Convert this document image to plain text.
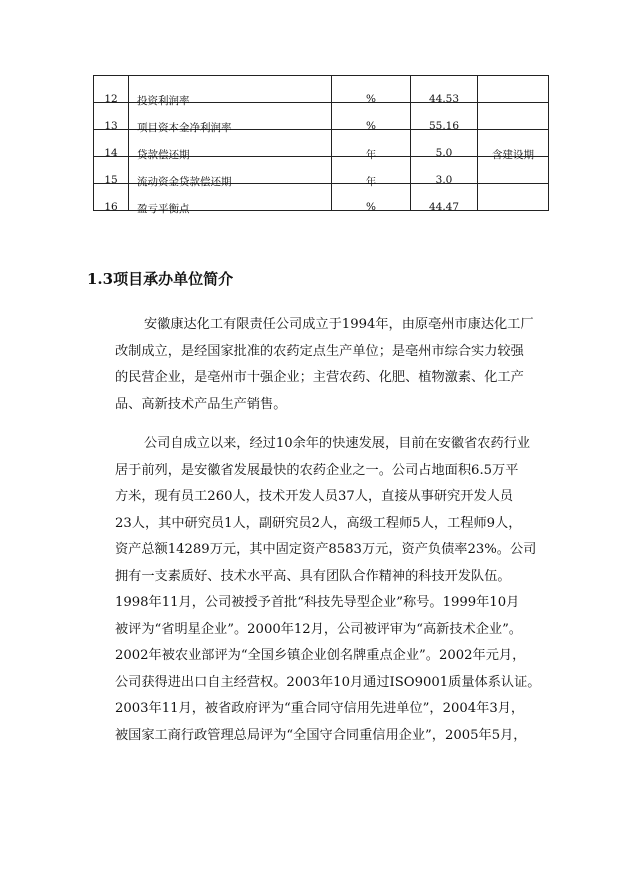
12	投资利润率	%	44.53	

13	项目资本金净利润率	%	55.16	

14	贷款偿还期	年	5.0	含建设期

15	流动资金贷款偿还期	年	3.0	

16	盈亏平衡点	%	44.47	

1.3项目承办单位简介

安徽康达化工有限责任公司成立于1994年，由原亳州市康达化工厂
改制成立，是经国家批准的农药定点生产单位；是亳州市综合实力较强
的民营企业，是亳州市十强企业；主营农药、化肥、植物激素、化工产
品、高新技术产品生产销售。

公司自成立以来，经过10余年的快速发展，目前在安徽省农药行业
居于前列，是安徽省发展最快的农药企业之一。公司占地面积6.5万平
方米，现有员工260人，技术开发人员37人，直接从事研究开发人员
23人，其中研究员1人，副研究员2人，高级工程师5人，工程师9人，
资产总额14289万元，其中固定资产8583万元，资产负债率23%。公司
拥有一支素质好、技术水平高、具有团队合作精神的科技开发队伍。
1998年11月，公司被授予首批“科技先导型企业”称号。1999年10月
被评为“省明星企业”。2000年12月，公司被评审为“高新技术企业”。
2002年被农业部评为“全国乡镇企业创名牌重点企业”。2002年元月，
公司获得进出口自主经营权。2003年10月通过ISO9001质量体系认证。
2003年11月，被省政府评为“重合同守信用先进单位”，2004年3月，
被国家工商行政管理总局评为“全国守合同重信用企业”，2005年5月，
